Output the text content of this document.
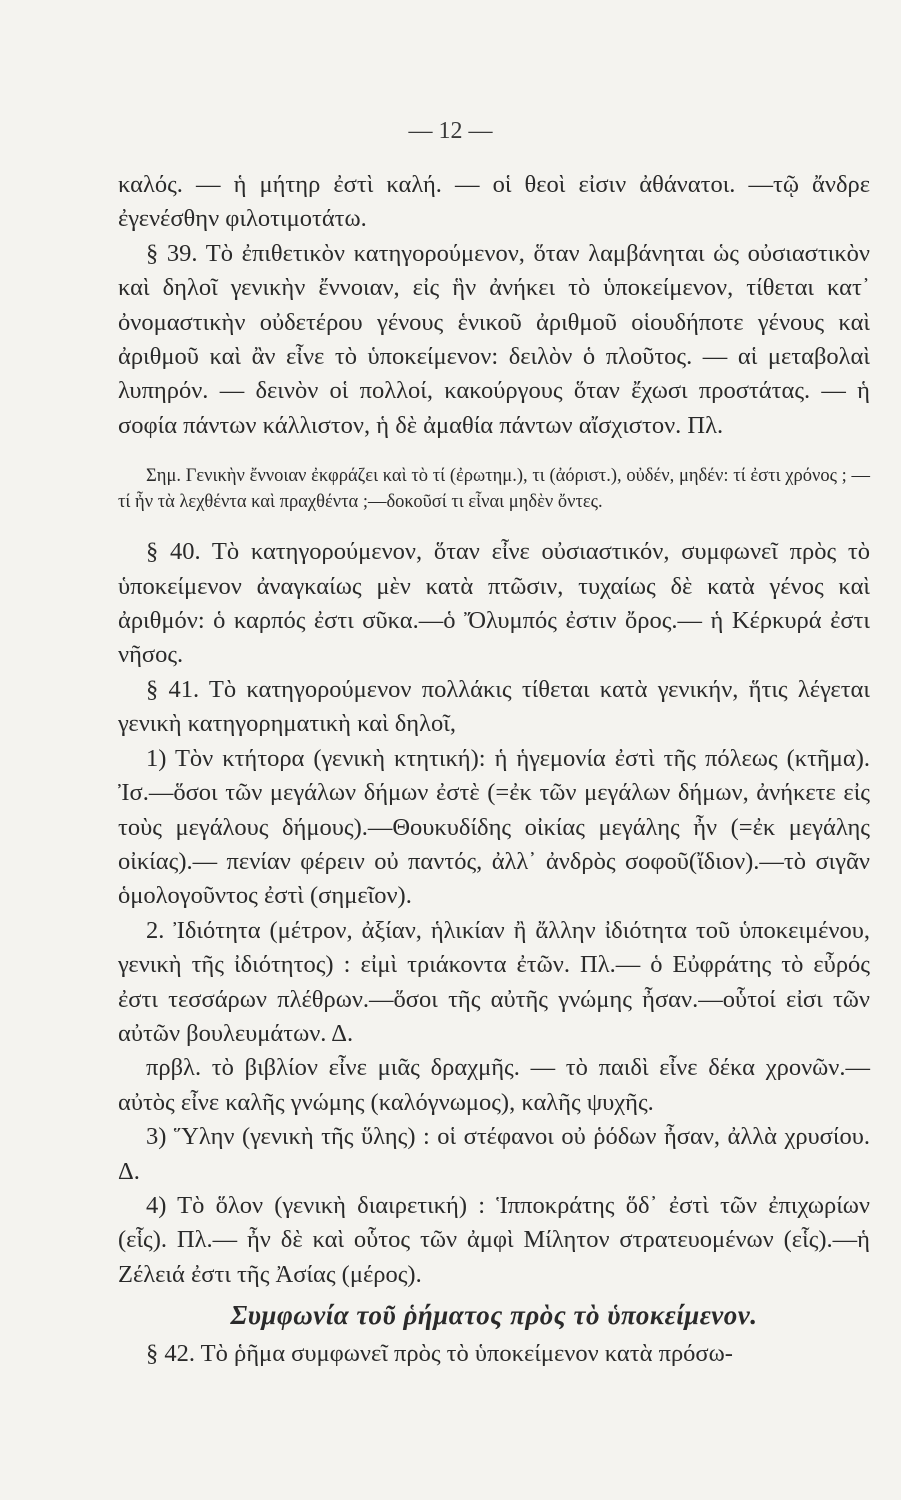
— 12 —

καλός. — ἡ μήτηρ ἐστὶ καλή. — οἱ θεοὶ εἰσιν ἀθάνατοι. —τῷ ἄνδρε ἐγενέσθην φιλοτιμοτάτω.

§ 39. Τὸ ἐπιθετικὸν κατηγορούμενον, ὅταν λαμβάνηται ὡς οὐσιαστικὸν καὶ δηλοῖ γενικὴν ἔννοιαν, εἰς ἣν ἀνήκει τὸ ὑποκείμενον, τίθεται κατ᾿ ὀνομαστικὴν οὐδετέρου γένους ἑνικοῦ ἀριθμοῦ οἱουδήποτε γένους καὶ ἀριθμοῦ καὶ ἂν εἶνε τὸ ὑποκείμενον: δειλὸν ὁ πλοῦτος. — αἱ μεταβολαὶ λυπηρόν. — δεινὸν οἱ πολλοί, κακούργους ὅταν ἔχωσι προστάτας. — ἡ σοφία πάντων κάλλιστον, ἡ δὲ ἀμαθία πάντων αἴσχιστον. Πλ.

Σημ. Γενικὴν ἔννοιαν ἐκφράζει καὶ τὸ τί (ἐρωτημ.), τι (ἀόριστ.), οὐδέν, μηδέν: τί ἐστι χρόνος ; —τί ἦν τὰ λεχθέντα καὶ πραχθέντα ;—δοκοῦσί τι εἶναι μηδὲν ὄντες.

§ 40. Τὸ κατηγορούμενον, ὅταν εἶνε οὐσιαστικόν, συμφωνεῖ πρὸς τὸ ὑποκείμενον ἀναγκαίως μὲν κατὰ πτῶσιν, τυχαίως δὲ κατὰ γένος καὶ ἀριθμόν: ὁ καρπός ἐστι σῦκα.—ὁ Ὄλυμπός ἐστιν ὄρος.— ἡ Κέρκυρά ἐστι νῆσος.

§ 41. Τὸ κατηγορούμενον πολλάκις τίθεται κατὰ γενικήν, ἥτις λέγεται γενικὴ κατηγορηματικὴ καὶ δηλοῖ,

1) Τὸν κτήτορα (γενικὴ κτητική): ἡ ἡγεμονία ἐστὶ τῆς πόλεως (κτῆμα). Ἰσ.—ὅσοι τῶν μεγάλων δήμων ἐστὲ (=ἐκ τῶν μεγάλων δήμων, ἀνήκετε εἰς τοὺς μεγάλους δήμους).—Θουκυδίδης οἰκίας μεγάλης ἦν (=ἐκ μεγάλης οἰκίας).— πενίαν φέρειν οὐ παντός, ἀλλ᾿ ἀνδρὸς σοφοῦ(ἴδιον).—τὸ σιγᾶν ὁμολογοῦντος ἐστὶ (σημεῖον).

2. Ἰδιότητα (μέτρον, ἀξίαν, ἡλικίαν ἢ ἄλλην ἰδιότητα τοῦ ὑποκειμένου, γενικὴ τῆς ἰδιότητος) : εἰμὶ τριάκοντα ἐτῶν. Πλ.— ὁ Εὐφράτης τὸ εὖρός ἐστι τεσσάρων πλέθρων.—ὅσοι τῆς αὐτῆς γνώμης ἦσαν.—οὗτοί εἰσι τῶν αὐτῶν βουλευμάτων. Δ.

πρβλ. τὸ βιβλίον εἶνε μιᾶς δραχμῆς. — τὸ παιδὶ εἶνε δέκα χρονῶν.—αὐτὸς εἶνε καλῆς γνώμης (καλόγνωμος), καλῆς ψυχῆς.

3) Ὕλην (γενικὴ τῆς ὕλης) : οἱ στέφανοι οὐ ῥόδων ἦσαν, ἀλλὰ χρυσίου. Δ.

4) Τὸ ὅλον (γενικὴ διαιρετική) : Ἱπποκράτης ὅδ᾿ ἐστὶ τῶν ἐπιχωρίων (εἷς). Πλ.— ἦν δὲ καὶ οὗτος τῶν ἀμφὶ Μίλητον στρατευομένων (εἷς).—ἡ Ζέλειά ἐστι τῆς Ἀσίας (μέρος).

Συμφωνία τοῦ ῥήματος πρὸς τὸ ὑποκείμενον.

§ 42. Τὸ ῥῆμα συμφωνεῖ πρὸς τὸ ὑποκείμενον κατὰ πρόσω-
